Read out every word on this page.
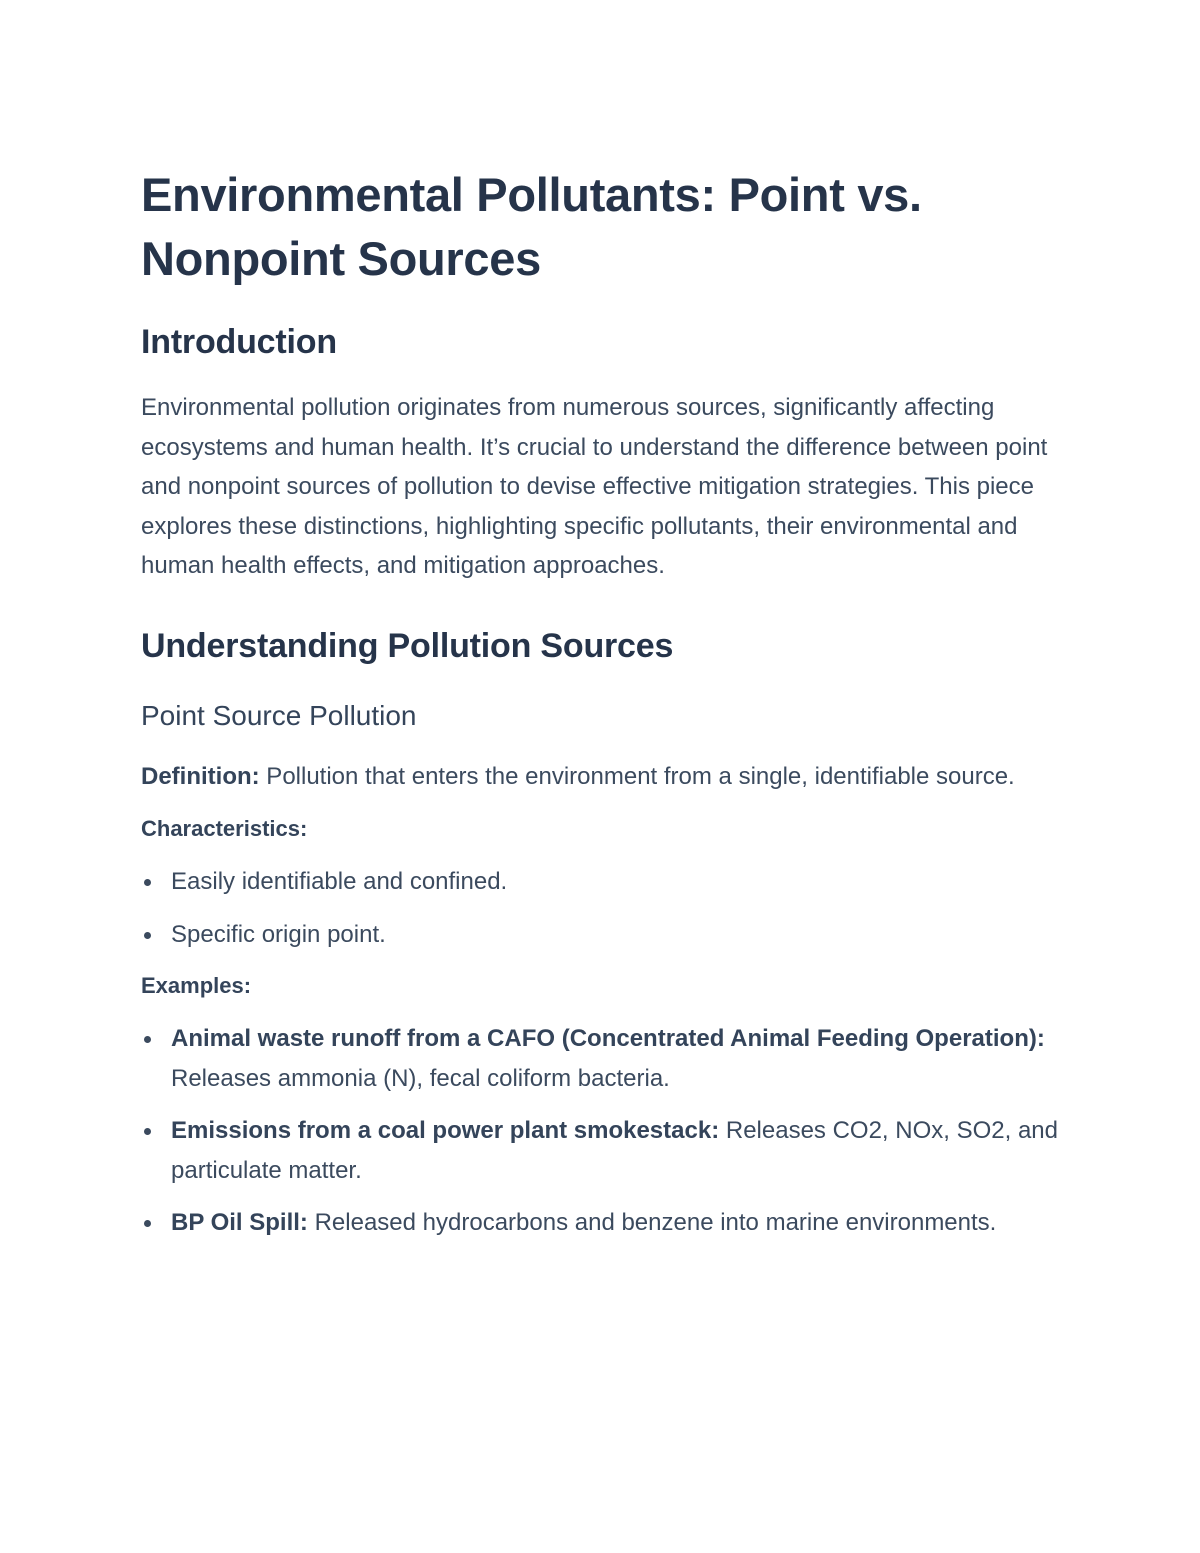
Environmental Pollutants: Point vs. Nonpoint Sources
Introduction

Environmental pollution originates from numerous sources, significantly affecting ecosystems and human health. It’s crucial to understand the difference between point and nonpoint sources of pollution to devise effective mitigation strategies. This piece explores these distinctions, highlighting specific pollutants, their environmental and human health effects, and mitigation approaches.

Understanding Pollution Sources
Point Source Pollution

Definition: Pollution that enters the environment from a single, identifiable source.

Characteristics:

Easily identifiable and confined.
Specific origin point.

Examples:

Animal waste runoff from a CAFO (Concentrated Animal Feeding Operation): Releases ammonia (N), fecal coliform bacteria.
Emissions from a coal power plant smokestack: Releases CO2, NOx, SO2, and particulate matter.
BP Oil Spill: Released hydrocarbons and benzene into marine environments.
